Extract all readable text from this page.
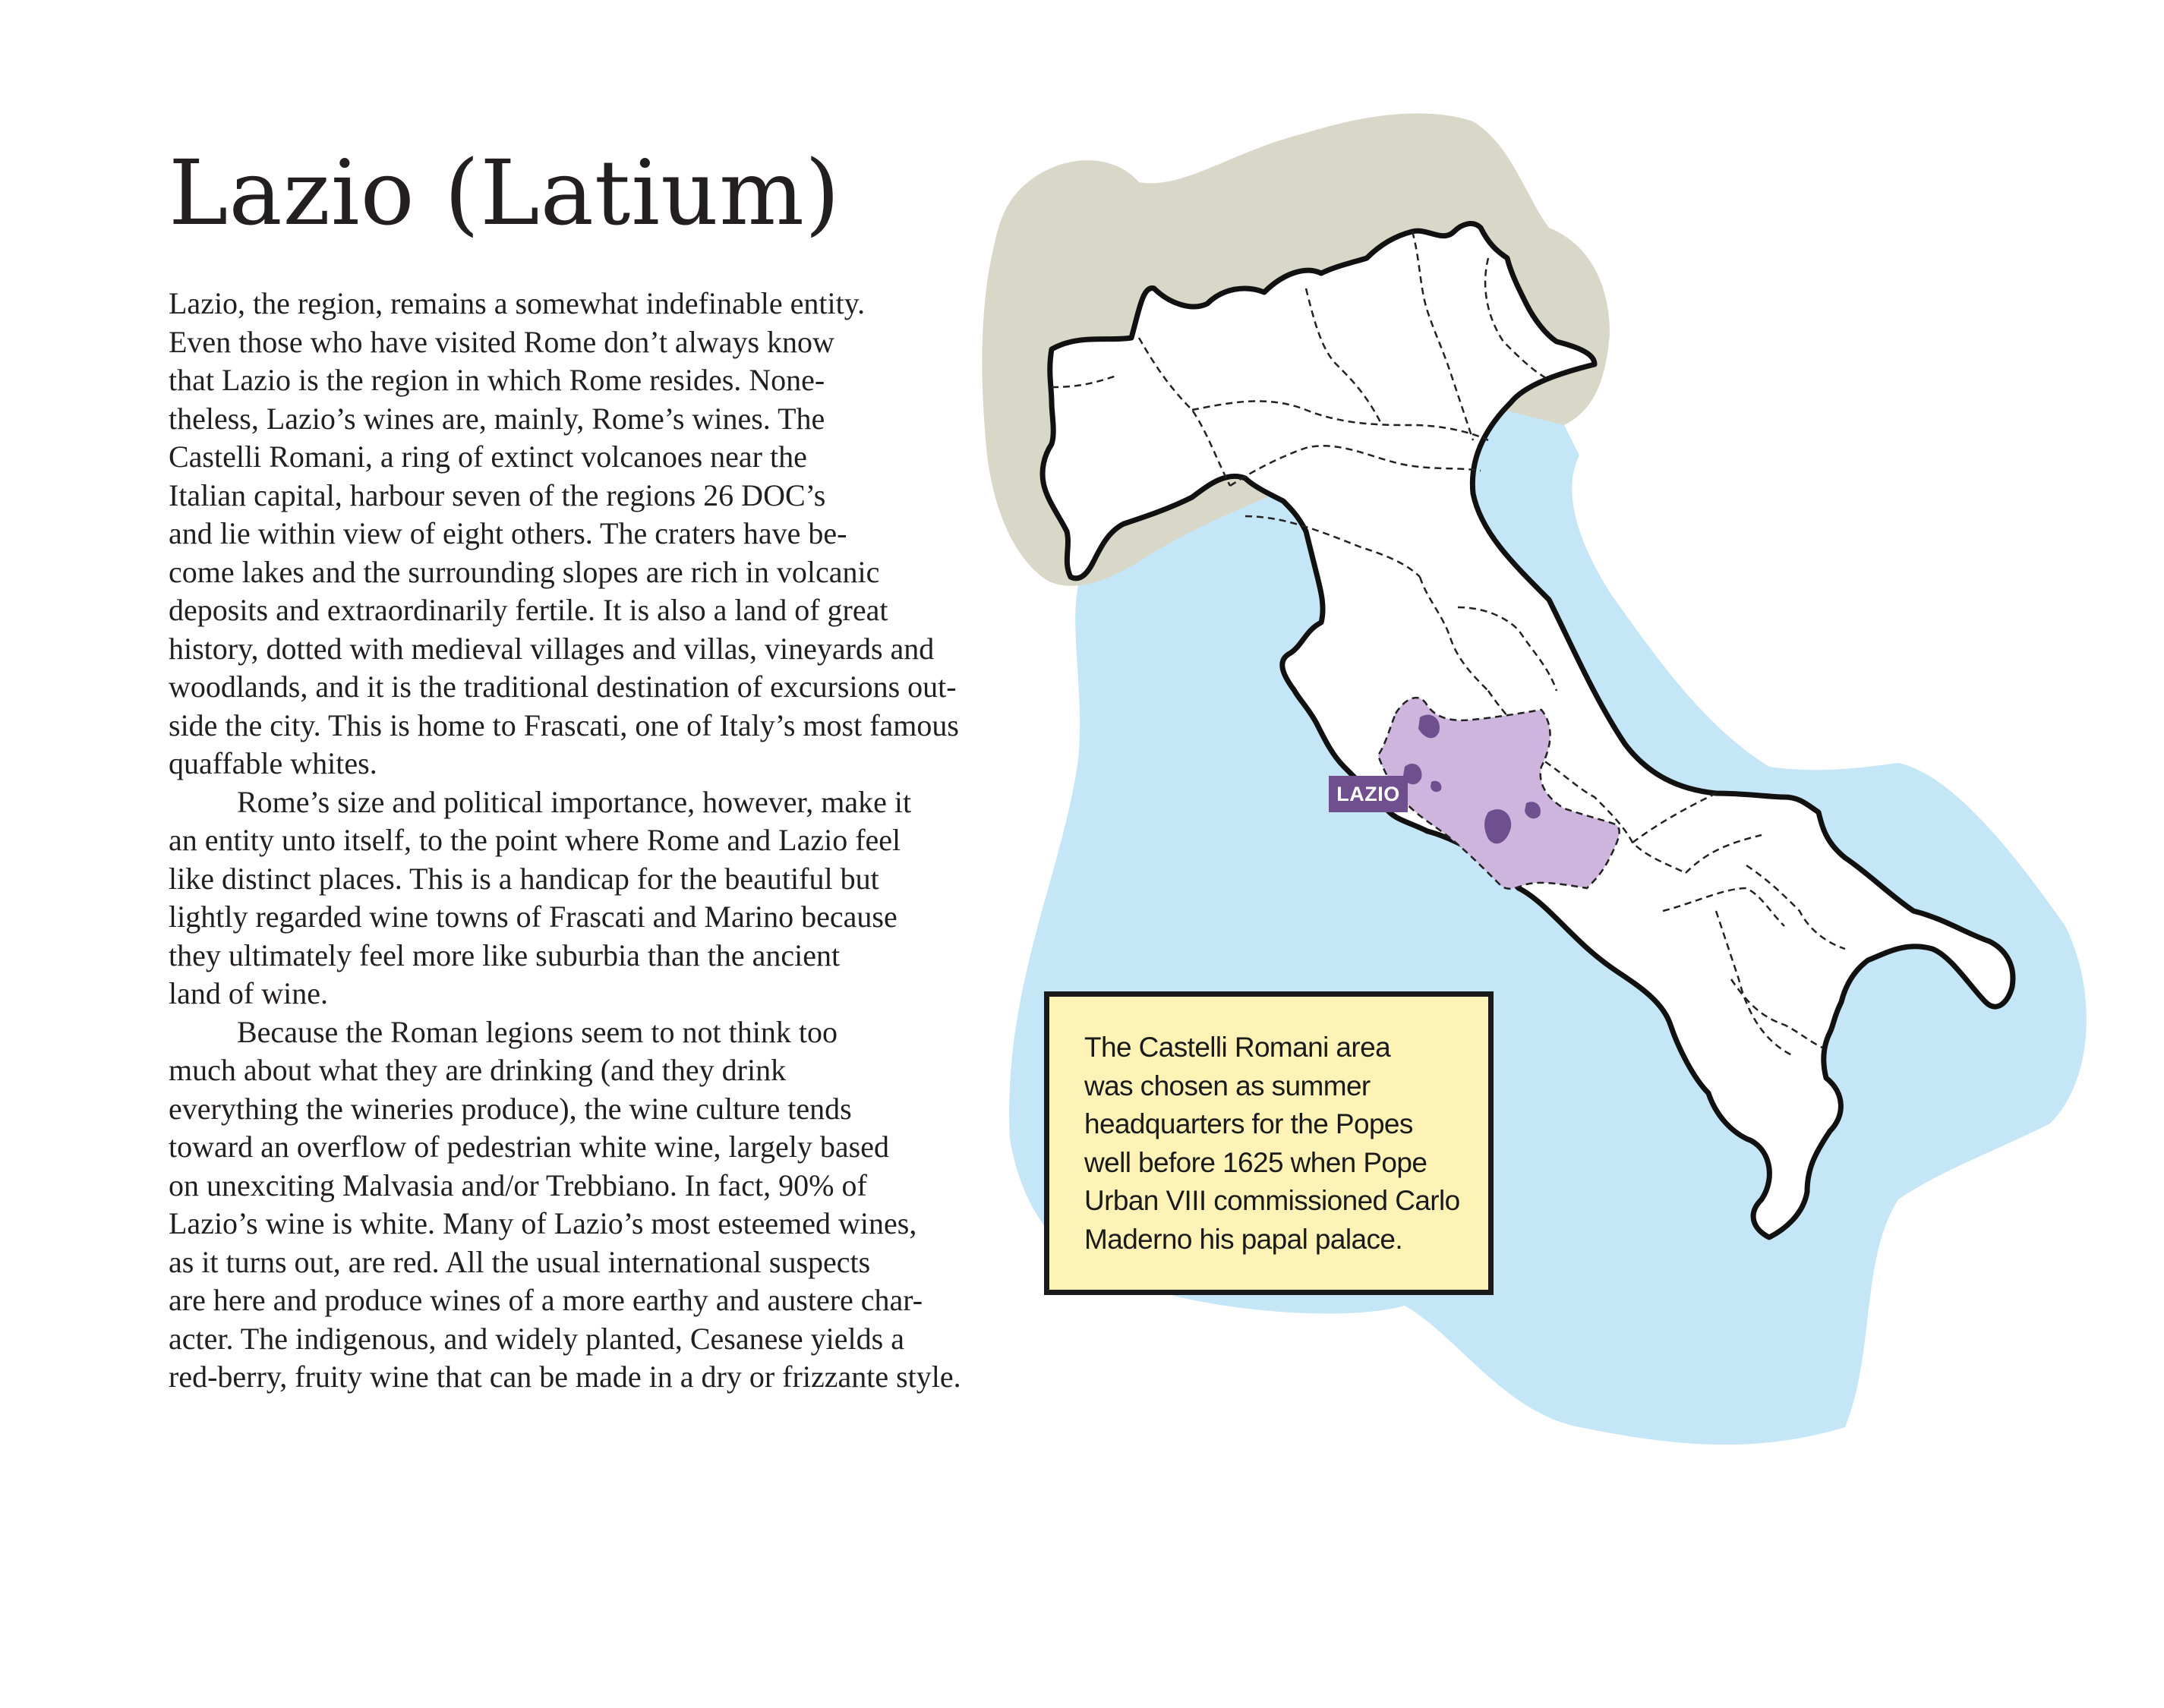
Lazio (Latium)
Lazio, the region, remains a somewhat indefinable entity.
Even those who have visited Rome don’t always know
that Lazio is the region in which Rome resides. None-
theless, Lazio’s wines are, mainly, Rome’s wines. The
Castelli Romani, a ring of extinct volcanoes near the
Italian capital, harbour seven of the regions 26 DOC’s
and lie within view of eight others. The craters have be-
come lakes and the surrounding slopes are rich in volcanic
deposits and extraordinarily fertile. It is also a land of great
history, dotted with medieval villages and villas, vineyards and
woodlands, and it is the traditional destination of excursions out-
side the city. This is home to Frascati, one of Italy’s most famous
quaffable whites.
Rome’s size and political importance, however, make it
an entity unto itself, to the point where Rome and Lazio feel
like distinct places. This is a handicap for the beautiful but
lightly regarded wine towns of Frascati and Marino because
they ultimately feel more like suburbia than the ancient
land of wine.
Because the Roman legions seem to not think too
much about what they are drinking (and they drink
everything the wineries produce), the wine culture tends
toward an overflow of pedestrian white wine, largely based
on unexciting Malvasia and/or Trebbiano. In fact, 90% of
Lazio’s wine is white. Many of Lazio’s most esteemed wines,
as it turns out, are red. All the usual international suspects
are here and produce wines of a more earthy and austere char-
acter. The indigenous, and widely planted, Cesanese yields a
red-berry, fruity wine that can be made in a dry or frizzante style.
LAZIO
The Castelli Romani area
was chosen as summer
headquarters for the Popes
well before 1625 when Pope
Urban VIII commissioned Carlo
Maderno his papal palace.
